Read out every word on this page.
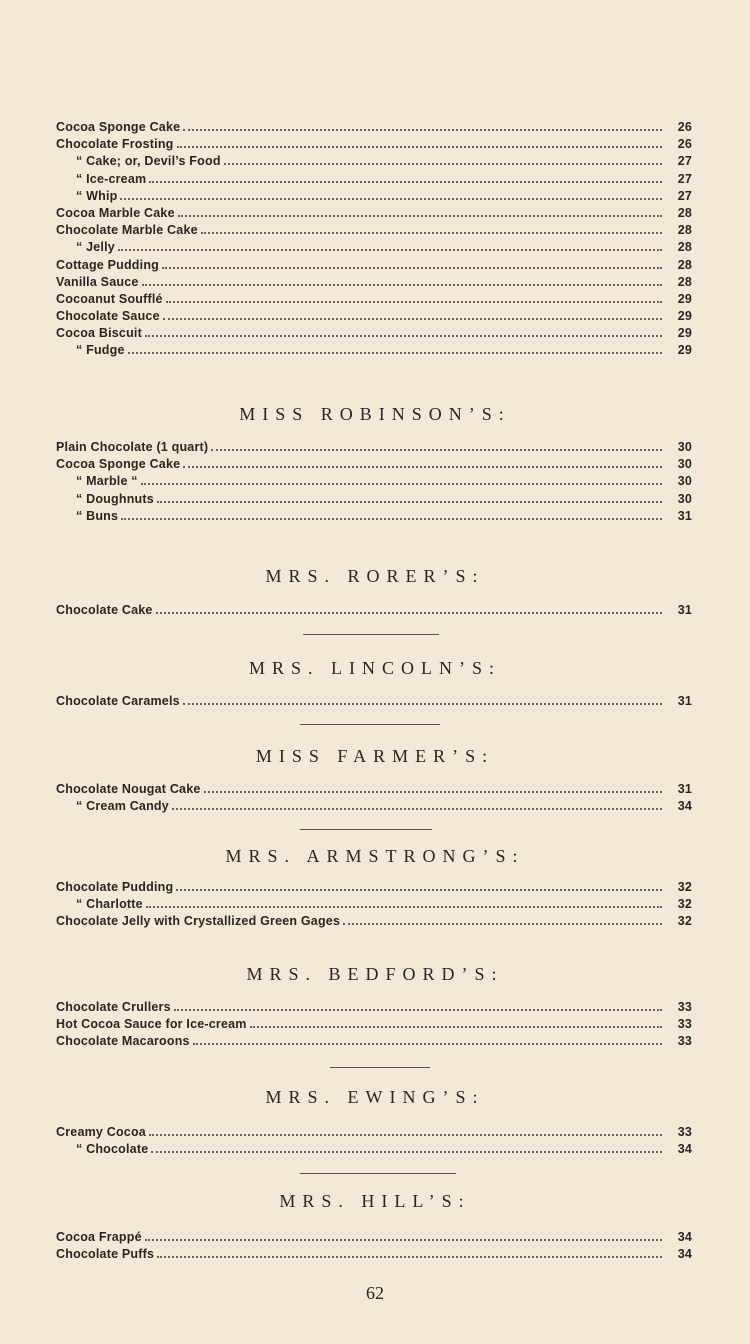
Cocoa Sponge Cake	26
Chocolate Frosting	26
“ Cake; or, Devil’s Food	27
“ Ice-cream	27
“ Whip	27
Cocoa Marble Cake	28
Chocolate Marble Cake	28
“ Jelly	28
Cottage Pudding	28
Vanilla Sauce	28
Cocoanut Soufflé	29
Chocolate Sauce	29
Cocoa Biscuit	29
“ Fudge	29
MISS ROBINSON’S:
Plain Chocolate (1 quart)	30
Cocoa Sponge Cake	30
“ Marble “	30
“ Doughnuts	30
“ Buns	31
MRS. RORER’S:
Chocolate Cake	31
MRS. LINCOLN’S:
Chocolate Caramels	31
MISS FARMER’S:
Chocolate Nougat Cake	31
“ Cream Candy	34
MRS. ARMSTRONG’S:
Chocolate Pudding	32
“ Charlotte	32
Chocolate Jelly with Crystallized Green Gages	32
MRS. BEDFORD’S:
Chocolate Crullers	33
Hot Cocoa Sauce for Ice-cream	33
Chocolate Macaroons	33
MRS. EWING’S:
Creamy Cocoa	33
“ Chocolate	34
MRS. HILL’S:
Cocoa Frappé	34
Chocolate Puffs	34
62
